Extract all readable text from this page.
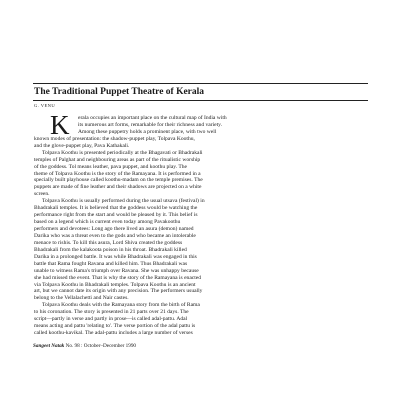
The Traditional Puppet Theatre of Kerala
G. VENU
K	erala occupies an important place on the cultural map of India with
its numerous art forms, remarkable for their richness and variety.
Among these puppetry holds a prominent place, with two well
known modes of presentation: the shadow-puppet play, Tolpava Koothu,
and the glove-puppet play, Pava Kathakali.
Tolpava Koothu is presented periodically at the Bhagavati or Bhadrakali
temples of Palghat and neighbouring areas as part of the ritualistic worship
of the goddess. Tol means leather, pava puppet, and koothu play. The
theme of Tolpava Koothu is the story of the Ramayana. It is performed in a
specially built playhouse called koothu-madam on the temple premises. The
puppets are made of fine leather and their shadows are projected on a white
screen.
Tolpava Koothu is usually performed during the usual utsava (festival) in
Bhadrakali temples. It is believed that the goddess would be watching the
performance right from the start and would be pleased by it. This belief is
based on a legend which is current even today among Pavakoothu
performers and devotees: Long ago there lived an asura (demon) named
Darika who was a threat even to the gods and who became an intolerable
menace to rishis. To kill this asura, Lord Shiva created the goddess
Bhadrakali from the kalakoota poison in his throat. Bhadrakali killed
Darika in a prolonged battle. It was while Bhadrakali was engaged in this
battle that Rama fought Ravana and killed him. Thus Bhadrakali was
unable to witness Rama's triumph over Ravana. She was unhappy because
she had missed the event. That is why the story of the Ramayana is enacted
via Tolpava Koothu in Bhadrakali temples. Tolpava Koothu is an ancient
art, but we cannot date its origin with any precision. The performers usually
belong to the Vellalachetti and Nair castes.
Tolpava Koothu deals with the Ramayana story from the birth of Rama
to his coronation. The story is presented in 21 parts over 21 days. The
script—partly in verse and partly in prose—is called adal-pattu. Adal
means acting and pattu 'relating to'. The verse portion of the adal pattu is
called koothu-kavikal. The adal-pattu includes a large number of verses
Sangeet Natak No. 98 : October–December 1990
